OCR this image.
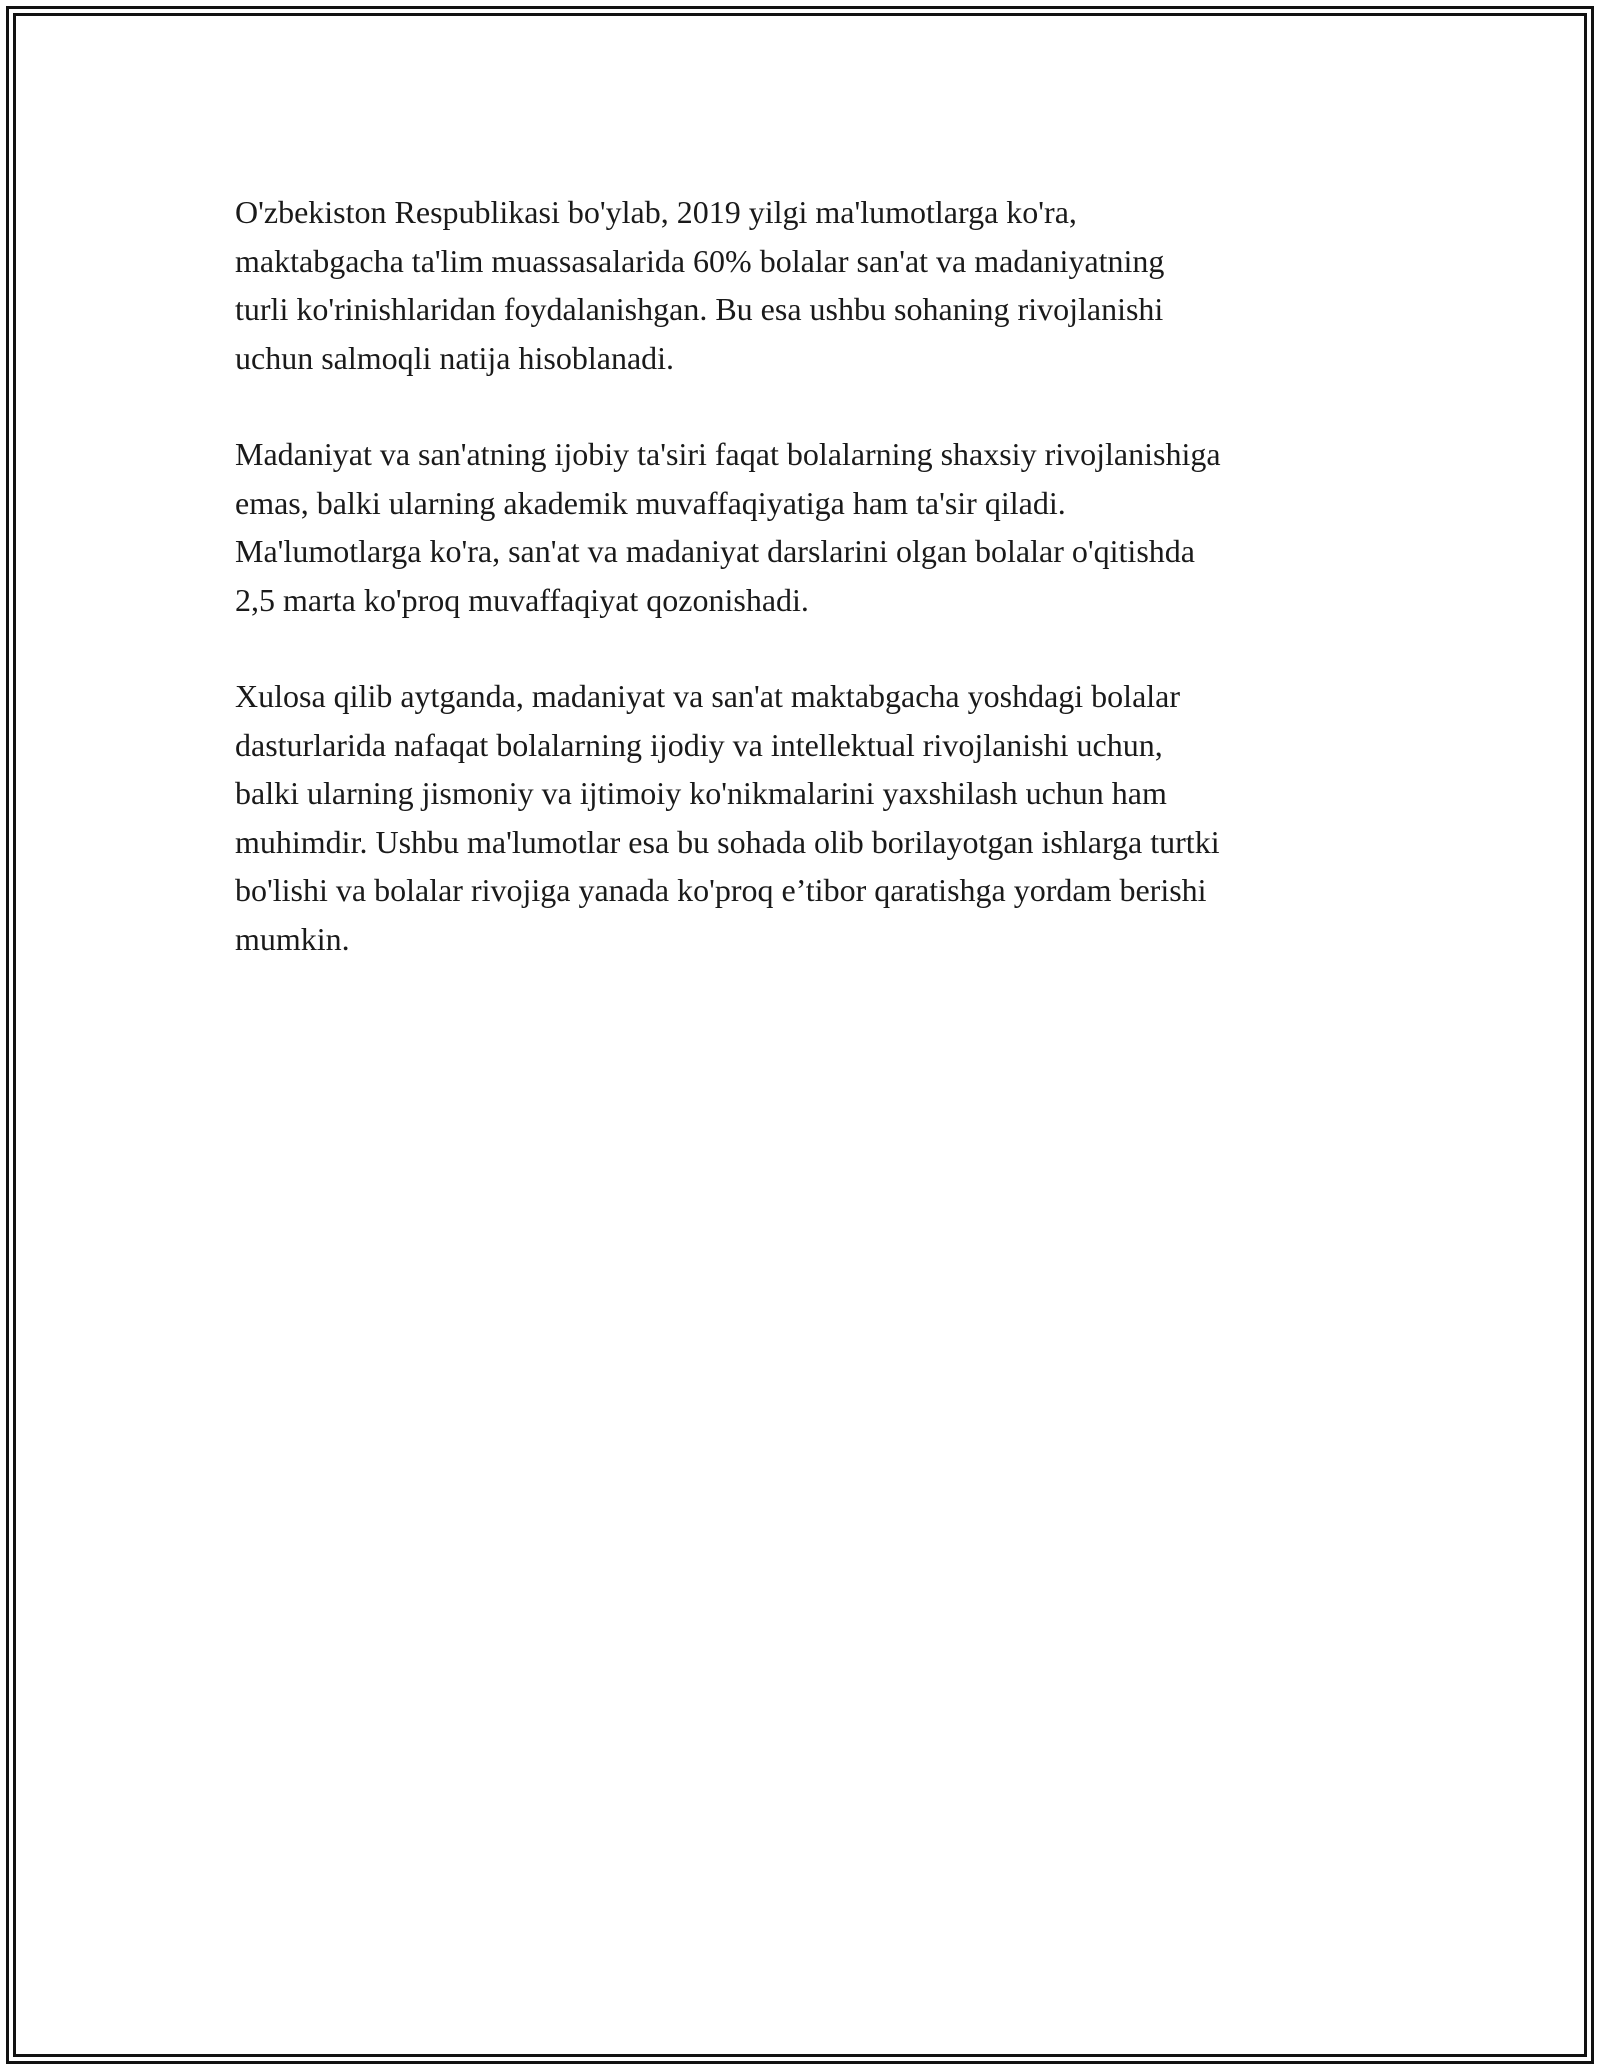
O'zbekiston Respublikasi bo'ylab, 2019 yilgi ma'lumotlarga ko'ra,
maktabgacha ta'lim muassasalarida 60% bolalar san'at va madaniyatning
turli ko'rinishlaridan foydalanishgan. Bu esa ushbu sohaning rivojlanishi
uchun salmoqli natija hisoblanadi.

Madaniyat va san'atning ijobiy ta'siri faqat bolalarning shaxsiy rivojlanishiga
emas, balki ularning akademik muvaffaqiyatiga ham ta'sir qiladi.
Ma'lumotlarga ko'ra, san'at va madaniyat darslarini olgan bolalar o'qitishda
2,5 marta ko'proq muvaffaqiyat qozonishadi.

Xulosa qilib aytganda, madaniyat va san'at maktabgacha yoshdagi bolalar
dasturlarida nafaqat bolalarning ijodiy va intellektual rivojlanishi uchun,
balki ularning jismoniy va ijtimoiy ko'nikmalarini yaxshilash uchun ham
muhimdir. Ushbu ma'lumotlar esa bu sohada olib borilayotgan ishlarga turtki
bo'lishi va bolalar rivojiga yanada ko'proq e’tibor qaratishga yordam berishi
mumkin.
